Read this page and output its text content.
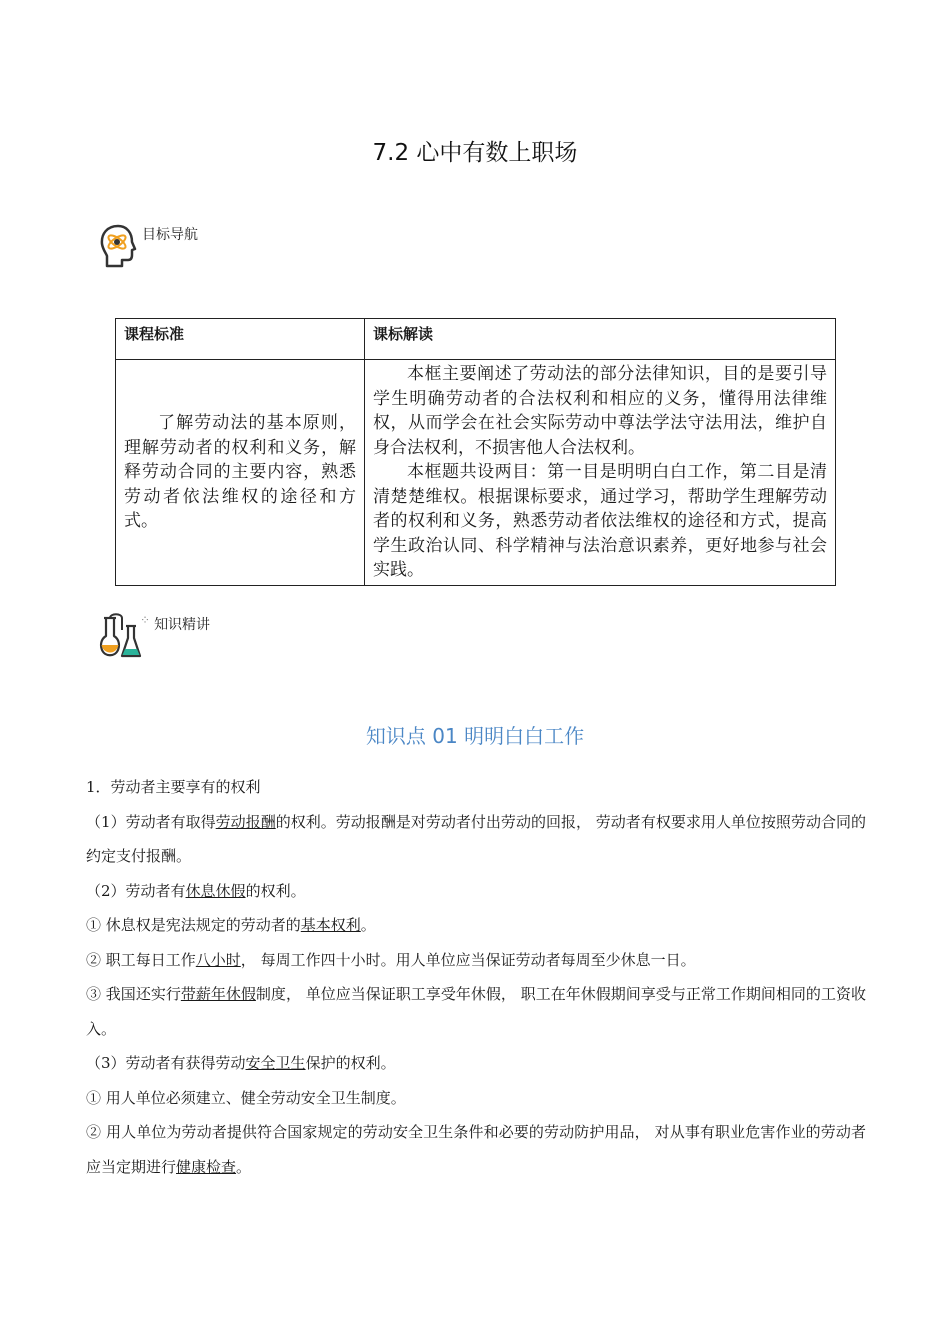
7.2 心中有数上职场
目标导航
课程标准	课标解读

了解劳动法的基本原则，理解劳动者的权利和义务，解释劳动合同的主要内容，熟悉劳动者依法维权的途径和方式。	本框主要阐述了劳动法的部分法律知识，目的是要引导学生明确劳动者的合法权利和相应的义务，懂得用法律维权，从而学会在社会实际劳动中尊法学法守法用法，维护自身合法权利，不损害他人合法权利。

本框题共设两目：第一目是明明白白工作，第二目是清清楚楚维权。根据课标要求，通过学习，帮助学生理解劳动者的权利和义务，熟悉劳动者依法维权的途径和方式，提高学生政治认同、科学精神与法治意识素养，更好地参与社会实践。

⁘ 知识精讲
知识点 01 明明白白工作

1．劳动者主要享有的权利

（1）劳动者有取得劳动报酬的权利。劳动报酬是对劳动者付出劳动的回报， 劳动者有权要求用人单位按照劳动合同的约定支付报酬。

（2）劳动者有休息休假的权利。

① 休息权是宪法规定的劳动者的基本权利。

② 职工每日工作八小时， 每周工作四十小时。用人单位应当保证劳动者每周至少休息一日。

③ 我国还实行带薪年休假制度， 单位应当保证职工享受年休假， 职工在年休假期间享受与正常工作期间相同的工资收入。

（3）劳动者有获得劳动安全卫生保护的权利。

① 用人单位必须建立、健全劳动安全卫生制度。

② 用人单位为劳动者提供符合国家规定的劳动安全卫生条件和必要的劳动防护用品， 对从事有职业危害作业的劳动者应当定期进行健康检查。
